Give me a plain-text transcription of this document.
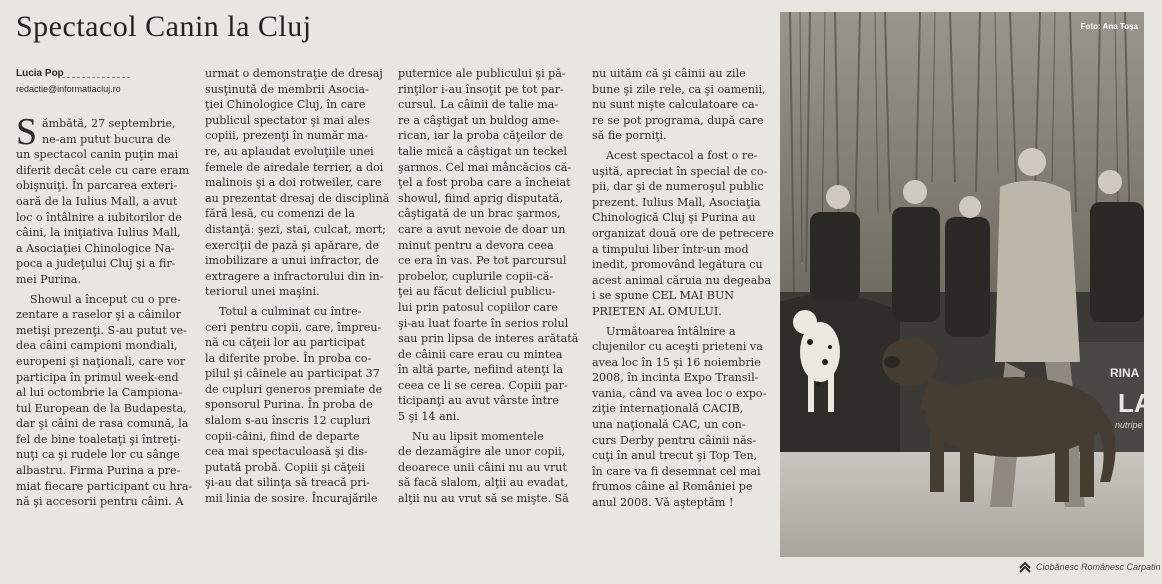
Spectacol Canin la Cluj
Lucia Pop
redactie@informatiacluj.ro
S ămbătă, 27 septembrie,
ne-am putut bucura de
un spectacol canin puţin mai
diferit decât cele cu care eram
obişnuiţi. În parcarea exteri-
oară de la Iulius Mall, a avut
loc o întâlnire a iubitorilor de
câini, la iniţiativa Iulius Mall,
a Asociaţiei Chinologice Na-
poca a judeţului Cluj şi a fir-
mei Purina.
Showul a început cu o pre-
zentare a raselor şi a câinilor
metişi prezenţi. S-au putut ve-
dea câini campioni mondiali,
europeni şi naţionali, care vor
participa în primul week-end
al lui octombrie la Campiona-
tul European de la Budapesta,
dar şi câini de rasa comună, la
fel de bine toaletaţi şi întreţi-
nuţi ca şi rudele lor cu sânge
albastru. Firma Purina a pre-
miat fiecare participant cu hra-
nă şi accesorii pentru câini. A
urmat o demonstraţie de dresaj
susţinută de membrii Asocia-
ţiei Chinologice Cluj, în care
publicul spectator şi mai ales
copiii, prezenţi în număr ma-
re, au aplaudat evoluţiile unei
femele de airedale terrier, a doi
malinois şi a doi rotweiler, care
au prezentat dresaj de disciplină
fără lesă, cu comenzi de la
distanţă: şezi, stai, culcat, mort;
exerciţii de pază şi apărare, de
imobilizare a unui infractor, de
extragere a infractorului din in-
teriorul unei maşini.
Totul a culminat cu între-
ceri pentru copii, care, împreu-
nă cu căţeii lor au participat
la diferite probe. În proba co-
pilul şi câinele au participat 37
de cupluri generos premiate de
sponsorul Purina. În proba de
slalom s-au înscris 12 cupluri
copii-câini, fiind de departe
cea mai spectaculoasă şi dis-
putată probă. Copiii şi căţeii
şi-au dat silinţa să treacă pri-
mii linia de sosire. Încurajările
puternice ale publicului şi pă-
rinţilor i-au însoţit pe tot par-
cursul. La câinii de talie ma-
re a câştigat un buldog ame-
rican, iar la proba căţeilor de
talie mică a câştigat un teckel
şarmos. Cel mai mâncăcios că-
ţel a fost proba care a încheiat
showul, fiind aprig disputată,
câştigată de un brac şarmos,
care a avut nevoie de doar un
minut pentru a devora ceea
ce era în vas. Pe tot parcursul
probelor, cuplurile copii-că-
ţei au făcut deliciul publicu-
lui prin patosul copiilor care
şi-au luat foarte în serios rolul
sau prin lipsa de interes arătată
de câinii care erau cu mintea
în altă parte, nefiind atenţi la
ceea ce li se cerea. Copiii par-
ticipanţi au avut vârste între
5 şi 14 ani.
Nu au lipsit momentele
de dezamăgire ale unor copii,
deoarece unii câini nu au vrut
să facă slalom, alţii au evadat,
alţii nu au vrut să se mişte. Să
nu uităm că şi câinii au zile
bune şi zile rele, ca şi oamenii,
nu sunt nişte calculatoare ca-
re se pot programa, după care
să fie porniţi.
Acest spectacol a fost o re-
uşită, apreciat în special de co-
pii, dar şi de numeroşul public
prezent. Iulius Mall, Asociaţia
Chinologică Cluj şi Purina au
organizat două ore de petrecere
a timpului liber într-un mod
inedit, promovând legătura cu
acest animal căruia nu degeaba
i se spune CEL MAI BUN
PRIETEN AL OMULUI.
Următoarea întâlnire a
clujenilor cu aceşti prieteni va
avea loc în 15 şi 16 noiembrie
2008, în incinta Expo Transil-
vania, când va avea loc o expo-
ziţie internaţională CACIB,
una naţională CAC, un con-
curs Derby pentru câinii năs-
cuţi în anul trecut şi Top Ten,
în care va fi desemnat cel mai
frumos câine al României pe
anul 2008. Vă aşteptăm !
RINA
LA
nutripe
Foto: Ana Toşa
Ciobănesc Românesc Carpatin
